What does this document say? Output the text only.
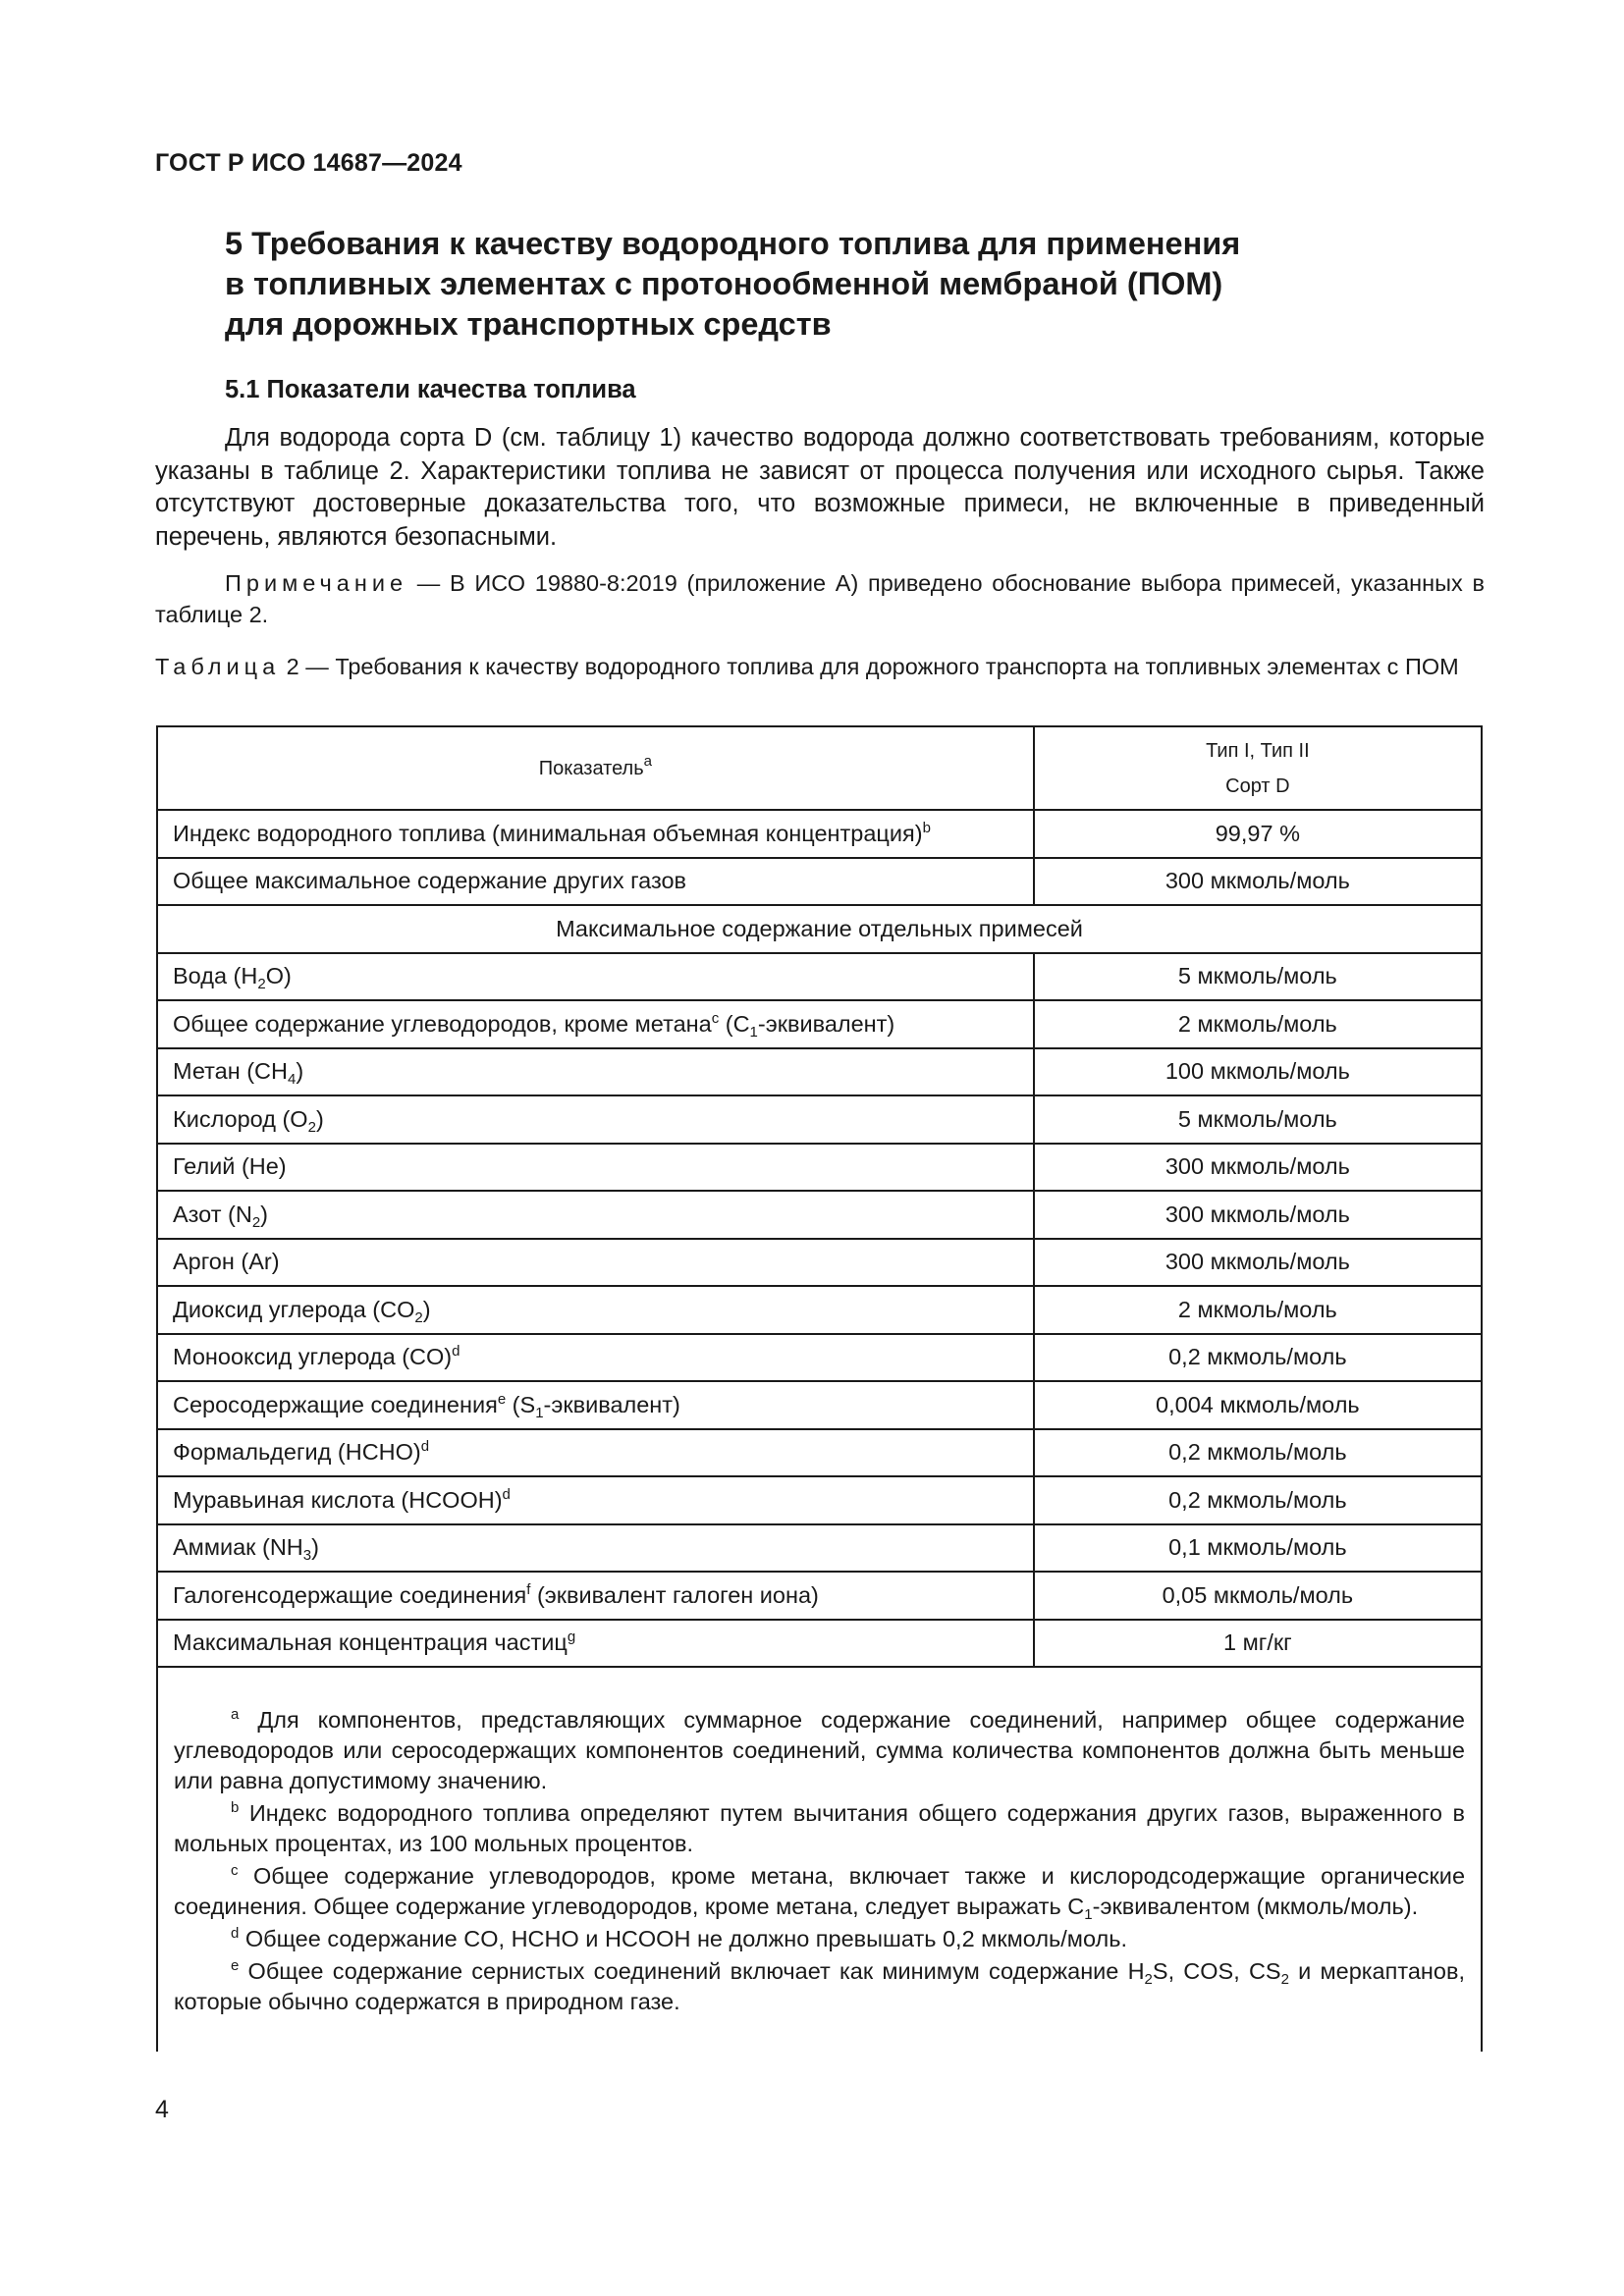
ГОСТ Р ИСО 14687—2024
5 Требования к качеству водородного топлива для применения
в топливных элементах с протонообменной мембраной (ПОМ)
для дорожных транспортных средств
5.1 Показатели качества топлива
Для водорода сорта D (см. таблицу 1) качество водорода должно соответствовать требованиям, которые указаны в таблице 2. Характеристики топлива не зависят от процесса получения или исходного сырья. Также отсутствуют достоверные доказательства того, что возможные примеси, не включенные в приведенный перечень, являются безопасными.
Примечание — В ИСО 19880-8:2019 (приложение А) приведено обоснование выбора примесей, указанных в таблице 2.
Таблица 2 — Требования к качеству водородного топлива для дорожного транспорта на топливных элементах с ПОМ
Показатель$^a$	Тип I, Тип II
Сорт D

Индекс водородного топлива (минимальная объемная концентрация)$^b$	99,97 %
Общее максимальное содержание других газов	300 мкмоль/моль
Максимальное содержание отдельных примесей	
Вода $(H_2O)$	5 мкмоль/моль
Общее содержание углеводородов, кроме метана$^c$ $(C_1-эквивалент)$	2 мкмоль/моль
Метан $(CH_4)$	100 мкмоль/моль
Кислород $(O_2)$	5 мкмоль/моль
Гелий (He)	300 мкмоль/моль
Азот $(N_2)$	300 мкмоль/моль
Аргон (Ar)	300 мкмоль/моль
Диоксид углерода $(CO_2)$	2 мкмоль/моль
Монооксид углерода (CO)$^d$	0,2 мкмоль/моль
Серосодержащие соединения$^e$ $(S_1-эквивалент)$	0,004 мкмоль/моль
Формальдегид (HCHO)$^d$	0,2 мкмоль/моль
Муравьиная кислота (HCOOH)$^d$	0,2 мкмоль/моль
Аммиак $(NH_3)$	0,1 мкмоль/моль
Галогенсодержащие соединения$^f$ (эквивалент галоген иона)	0,05 мкмоль/моль
Максимальная концентрация частиц$^g$	1 мг/кг

$^a$ Для компонентов, представляющих суммарное содержание соединений, например общее содержание углеводородов или серосодержащих компонентов соединений, сумма количества компонентов должна быть меньше или равна допустимому значению.

$^b$ Индекс водородного топлива определяют путем вычитания общего содержания других газов, выраженного в мольных процентах, из 100 мольных процентов.

$^c$ Общее содержание углеводородов, кроме метана, включает также и кислородсодержащие органические соединения. Общее содержание углеводородов, кроме метана, следует выражать $C_1$-эквивалентом (мкмоль/моль).

$^d$ Общее содержание CO, HCHO и HCOOH не должно превышать 0,2 мкмоль/моль.

$^e$ Общее содержание сернистых соединений включает как минимум содержание $H_2S$, COS, $CS_2$ и меркаптанов, которые обычно содержатся в природном газе.	

4
